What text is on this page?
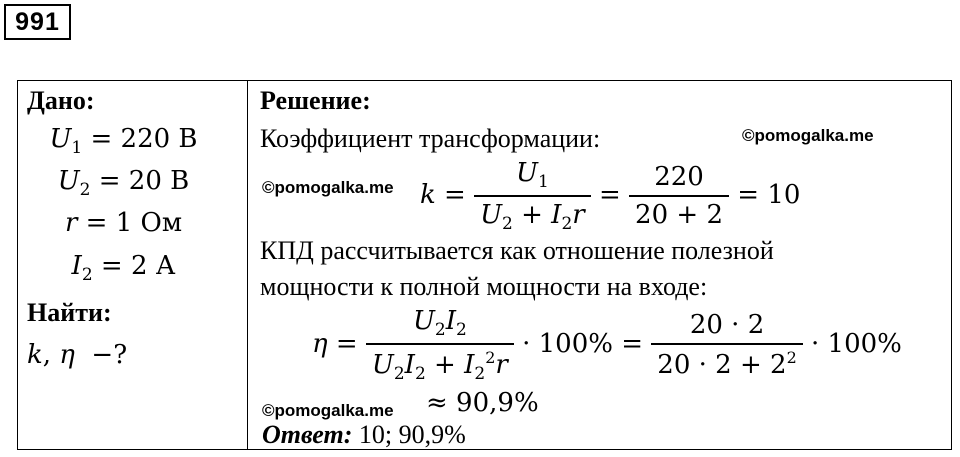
991
Дано:
$U_1 = 220$ В
$U_2 = 20$ В
r = 1 Ом
$I_2 = 2$ А
Найти:
k, η −?
Решение:
Коэффициент трансформации:	©pomogalka.me
©pomogalka.me $k = \frac{U_1}{U_2 + I_2r} = \frac{220}{20 + 2} = 10$
КПД рассчитывается как отношение полезной
мощности к полной мощности на входе:
$\eta = \frac{U_2I_2}{U_2I_2 + I_2^2r} \cdot 100\% = \frac{20 \cdot 2}{20 \cdot 2 + 2^2} \cdot 100\%$
©pomogalka.me ≈ 90,9%
Ответ: 10; 90,9%
